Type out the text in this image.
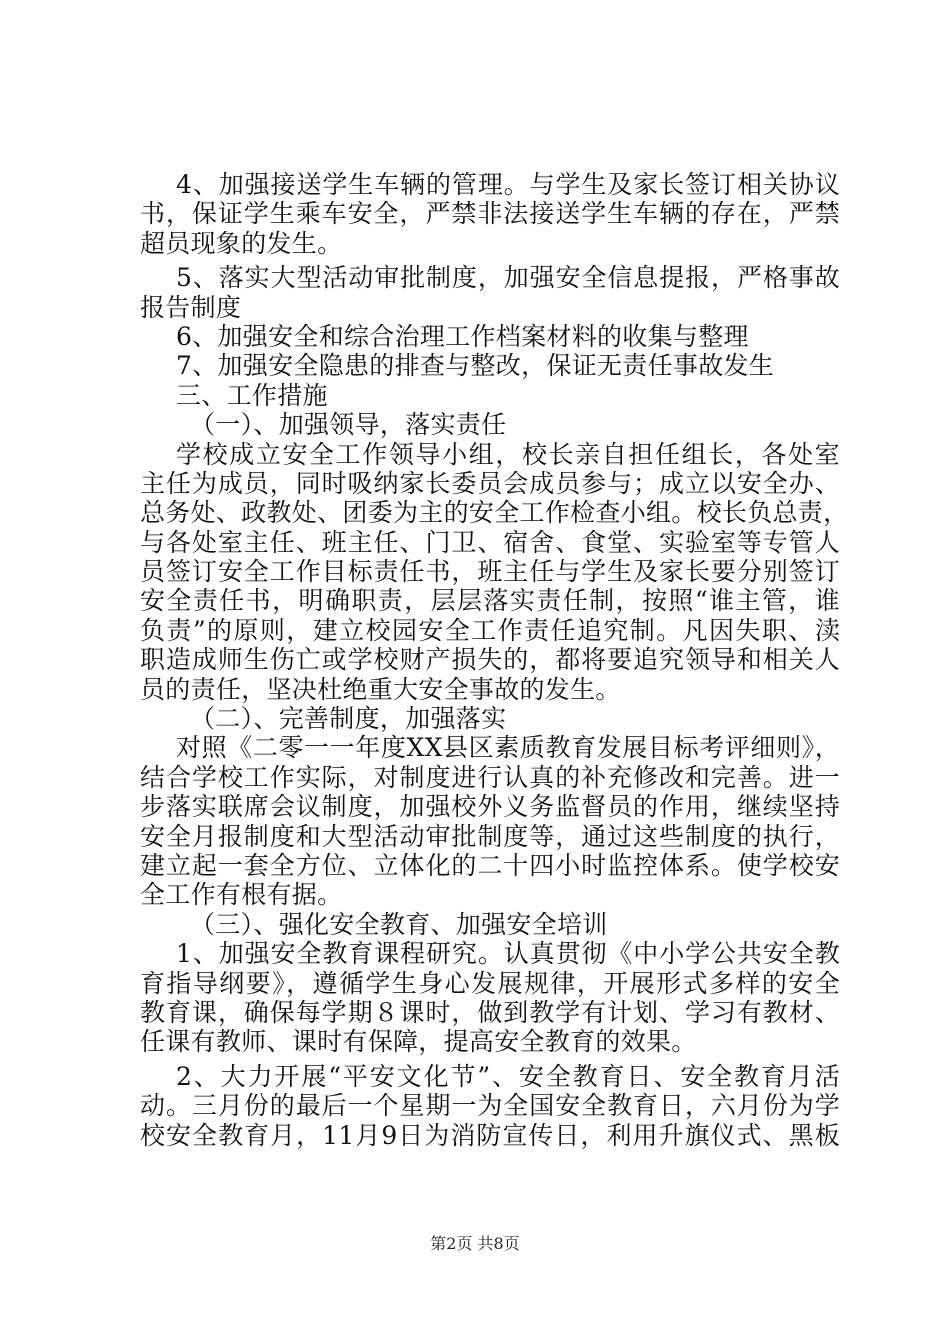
4、加强接送学生车辆的管理。与学生及家长签订相关协议
书，保证学生乘车安全，严禁非法接送学生车辆的存在，严禁
超员现象的发生。
5、落实大型活动审批制度，加强安全信息提报，严格事故
报告制度
6、加强安全和综合治理工作档案材料的收集与整理
7、加强安全隐患的排查与整改，保证无责任事故发生
三、工作措施
（一）、加强领导，落实责任
学校成立安全工作领导小组，校长亲自担任组长，各处室
主任为成员，同时吸纳家长委员会成员参与；成立以安全办、
总务处、政教处、团委为主的安全工作检查小组。校长负总责，
与各处室主任、班主任、门卫、宿舍、食堂、实验室等专管人
员签订安全工作目标责任书，班主任与学生及家长要分别签订
安全责任书，明确职责，层层落实责任制，按照“谁主管，谁
负责”的原则，建立校园安全工作责任追究制。凡因失职、渎
职造成师生伤亡或学校财产损失的，都将要追究领导和相关人
员的责任，坚决杜绝重大安全事故的发生。
（二）、完善制度，加强落实
对照《二零一一年度XX县区素质教育发展目标考评细则》，
结合学校工作实际，对制度进行认真的补充修改和完善。进一
步落实联席会议制度，加强校外义务监督员的作用，继续坚持
安全月报制度和大型活动审批制度等，通过这些制度的执行，
建立起一套全方位、立体化的二十四小时监控体系。使学校安
全工作有根有据。
（三）、强化安全教育、加强安全培训
1、加强安全教育课程研究。认真贯彻《中小学公共安全教
育指导纲要》，遵循学生身心发展规律，开展形式多样的安全
教育课，确保每学期８课时，做到教学有计划、学习有教材、
任课有教师、课时有保障，提高安全教育的效果。
2、大力开展“平安文化节”、安全教育日、安全教育月活
动。三月份的最后一个星期一为全国安全教育日，六月份为学
校安全教育月，11月9日为消防宣传日，利用升旗仪式、黑板
第2页 共8页
